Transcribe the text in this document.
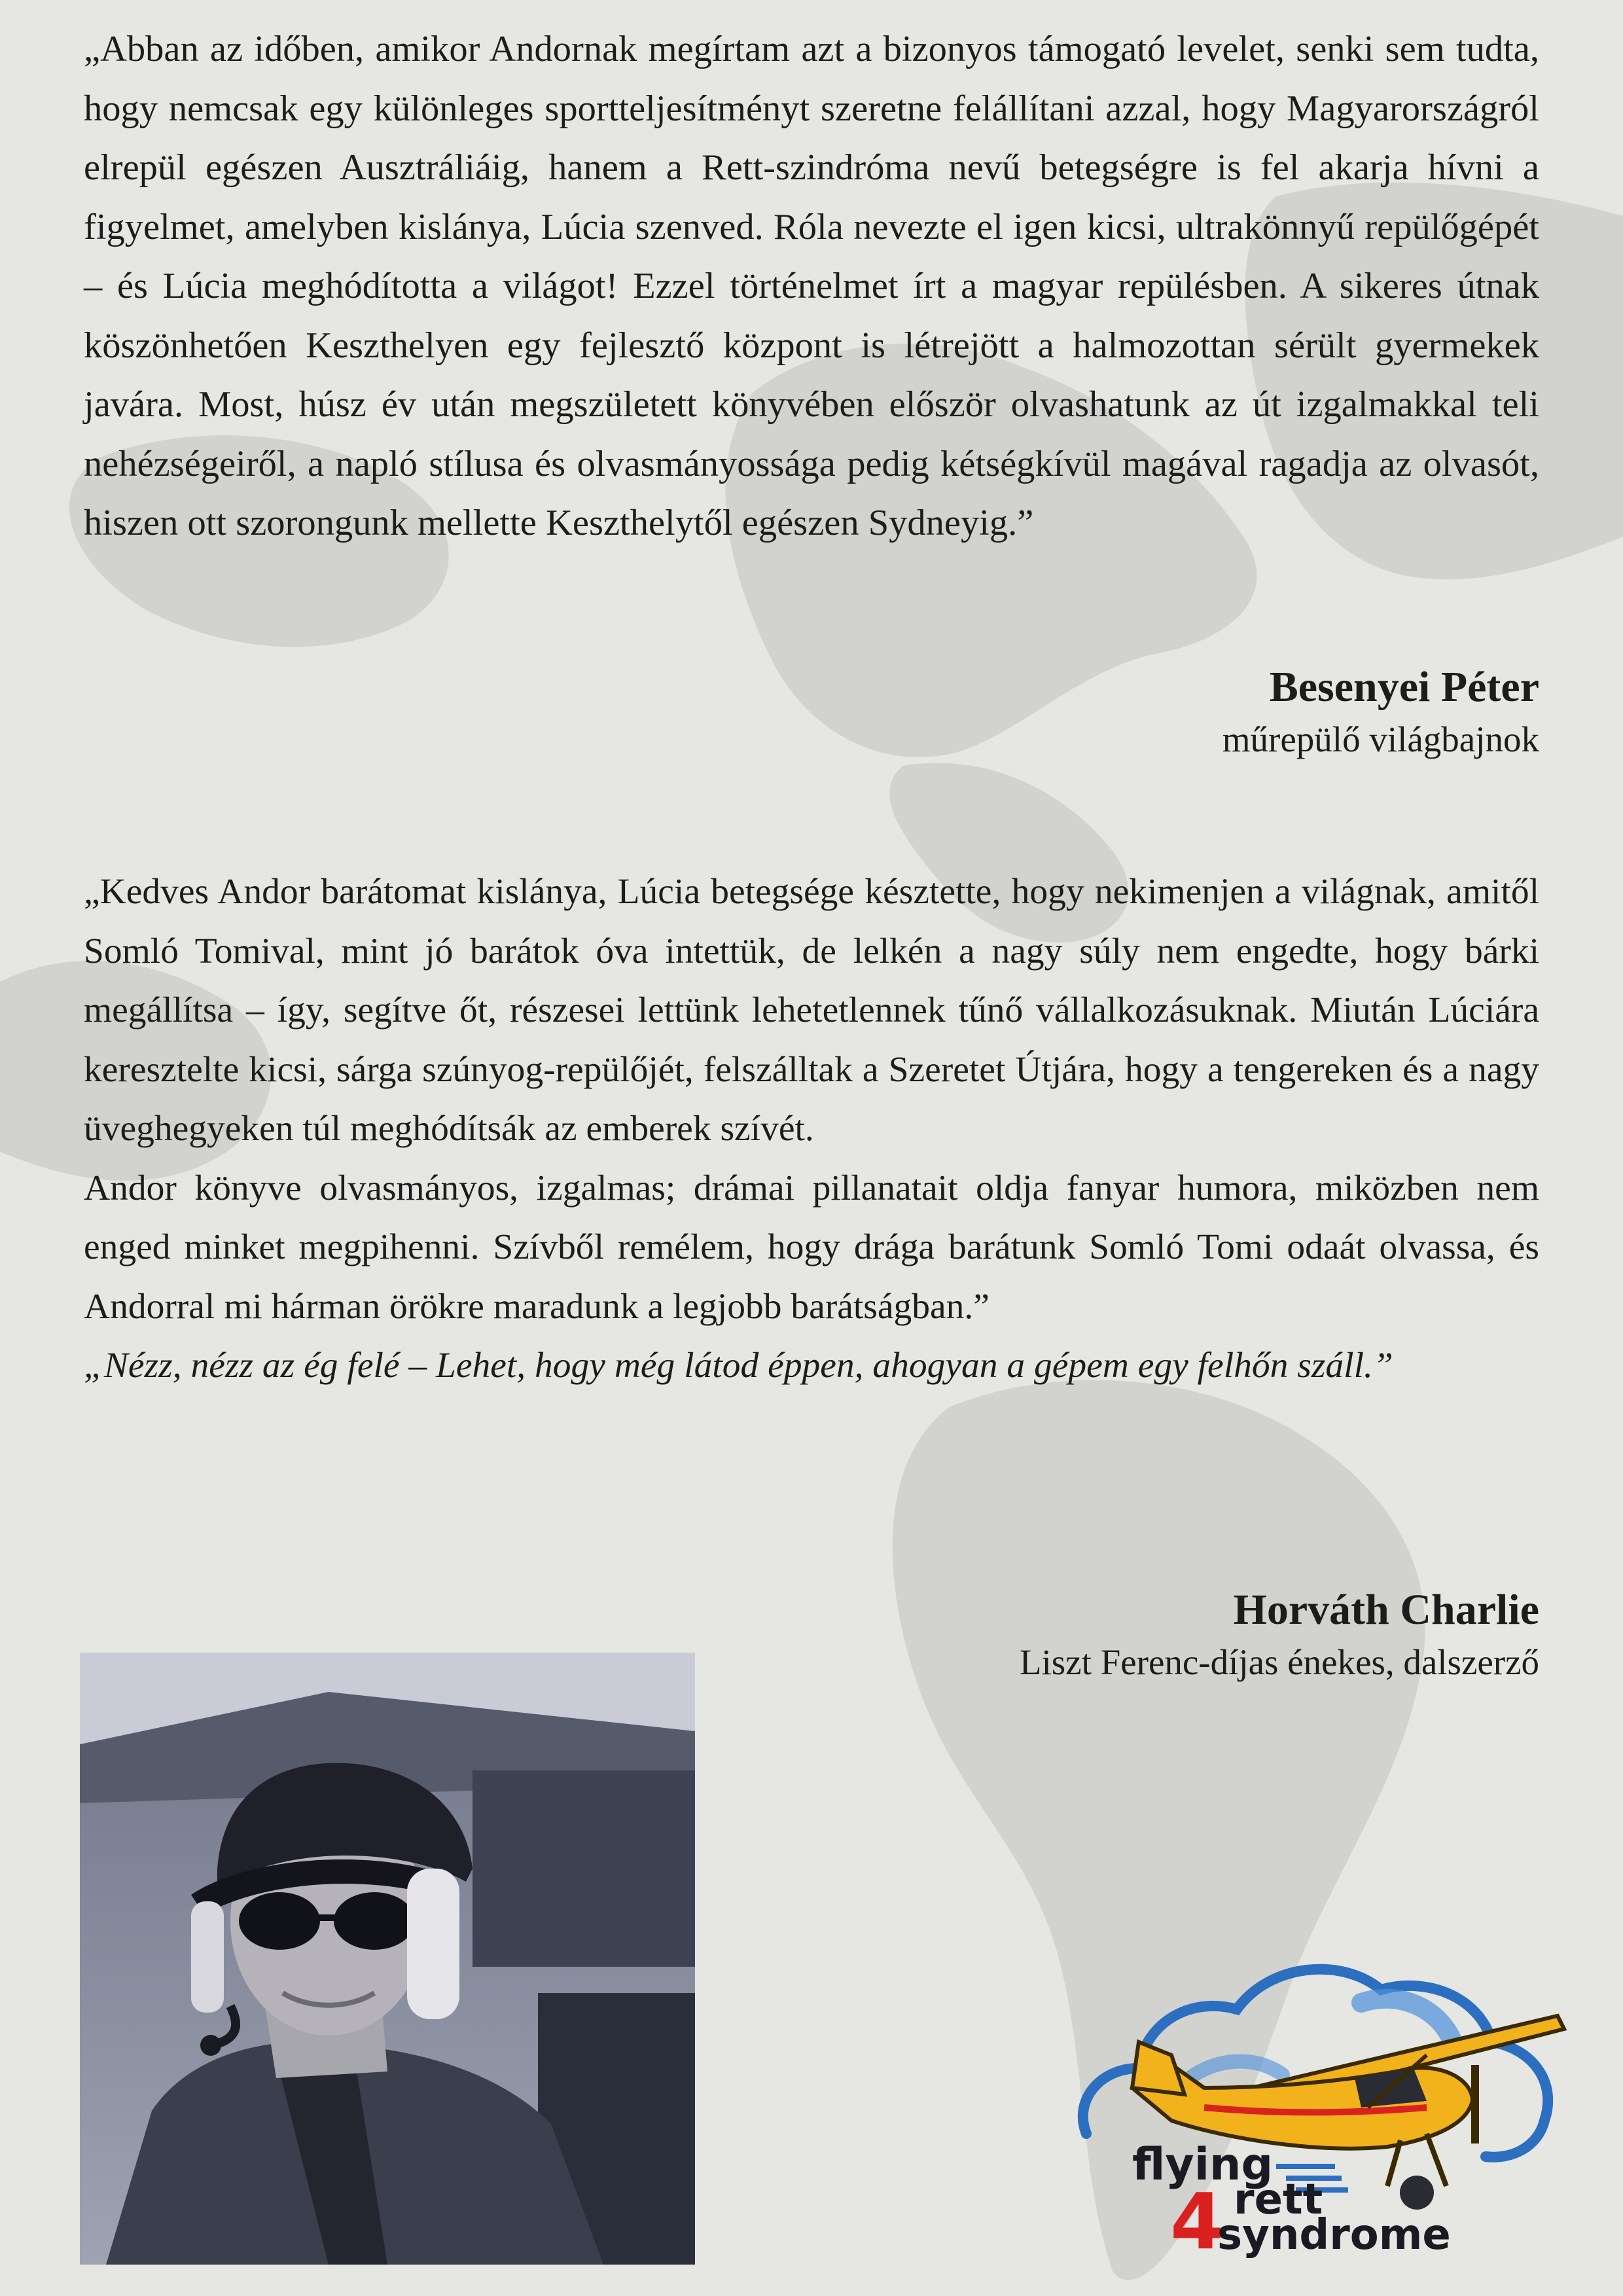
„Abban az időben, amikor Andornak megírtam azt a bizonyos támogató levelet, senki sem tudta, hogy nemcsak egy különleges sportteljesítményt szeretne felállítani azzal, hogy Magyarországról elrepül egészen Ausztráliáig, hanem a Rett-szindróma nevű betegségre is fel akarja hívni a figyelmet, amelyben kislánya, Lúcia szenved. Róla nevezte el igen kicsi, ultrakönnyű repülőgépét – és Lúcia meghódította a világot! Ezzel történelmet írt a magyar repülésben. A sikeres útnak köszönhetően Keszthelyen egy fejlesztő központ is létrejött a halmozottan sérült gyermekek javára. Most, húsz év után megszületett könyvében először olvashatunk az út izgalmakkal teli nehézségeiről, a napló stílusa és olvasmányossága pedig kétségkívül magával ragadja az olvasót, hiszen ott szorongunk mellette Keszthelytől egészen Sydneyig.”

Besenyei Péter
műrepülő világbajnok

„Kedves Andor barátomat kislánya, Lúcia betegsége késztette, hogy nekimenjen a világnak, amitől Somló Tomival, mint jó barátok óva intettük, de lelkén a nagy súly nem engedte, hogy bárki megállítsa – így, segítve őt, részesei lettünk lehetetlennek tűnő vállalkozásuknak. Miután Lúciára keresztelte kicsi, sárga szúnyog-repülőjét, felszálltak a Szeretet Útjára, hogy a tengereken és a nagy üveghegyeken túl meghódítsák az emberek szívét.

Andor könyve olvasmányos, izgalmas; drámai pillanatait oldja fanyar humora, miközben nem enged minket megpihenni. Szívből remélem, hogy drága barátunk Somló Tomi odaát olvassa, és Andorral mi hárman örökre maradunk a legjobb barátságban.”

„Nézz, nézz az ég felé – Lehet, hogy még látod éppen, ahogyan a gépem egy felhőn száll.”

Horváth Charlie
Liszt Ferenc-díjas énekes, dalszerző
flying
4 rett
syndrome
